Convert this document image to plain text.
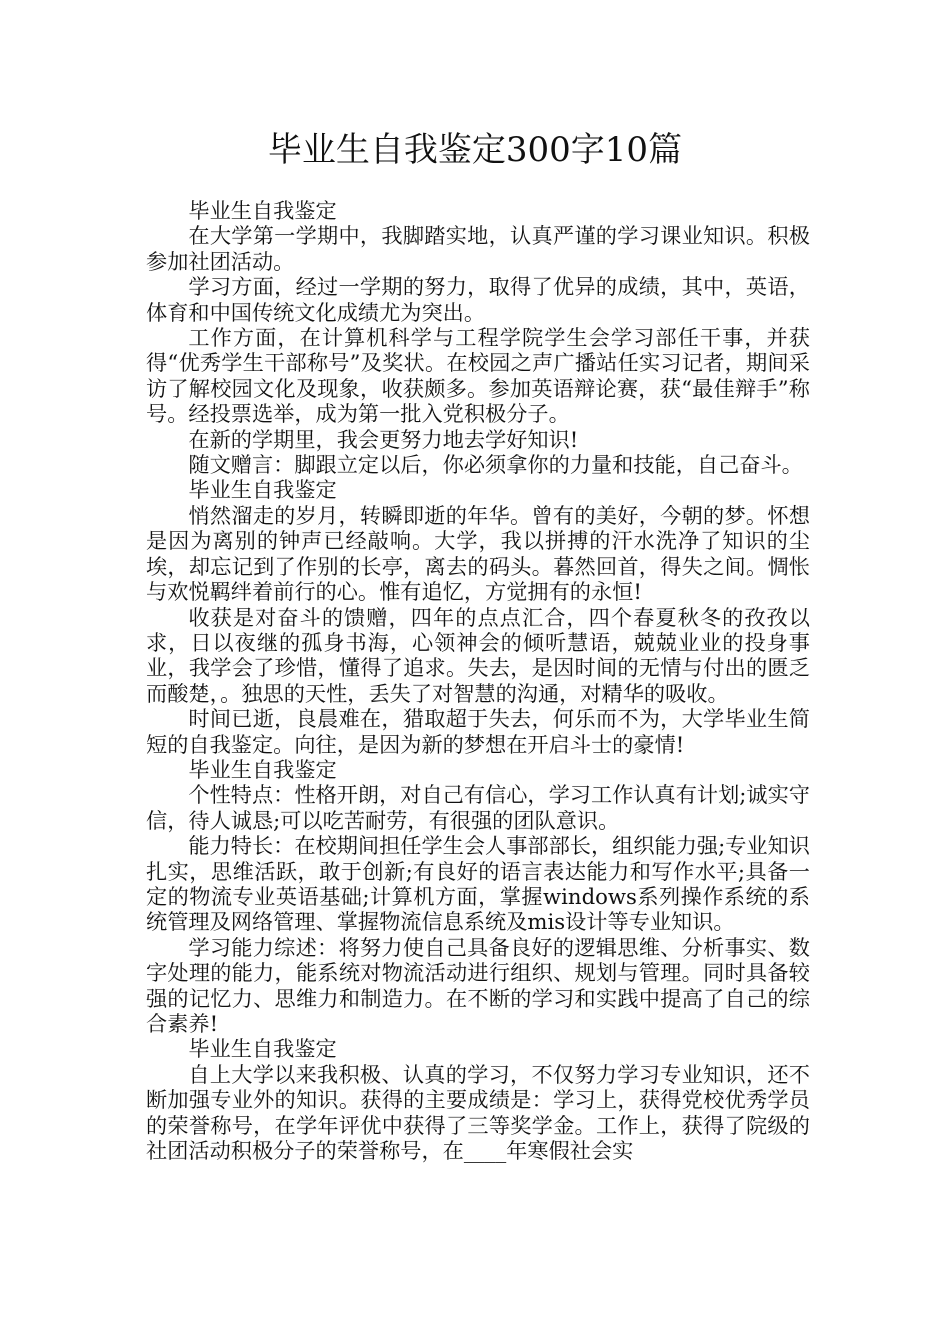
毕业生自我鉴定300字10篇

毕业生自我鉴定

在大学第一学期中，我脚踏实地，认真严谨的学习课业知识。积极参加社团活动。

学习方面，经过一学期的努力，取得了优异的成绩，其中，英语，体育和中国传统文化成绩尤为突出。

工作方面，在计算机科学与工程学院学生会学习部任干事，并获得“优秀学生干部称号”及奖状。在校园之声广播站任实习记者，期间采访了解校园文化及现象，收获颇多。参加英语辩论赛，获“最佳辩手”称号。经投票选举，成为第一批入党积极分子。

在新的学期里，我会更努力地去学好知识!

随文赠言：脚跟立定以后，你必须拿你的力量和技能，自己奋斗。

毕业生自我鉴定

悄然溜走的岁月，转瞬即逝的年华。曾有的美好，今朝的梦。怀想是因为离别的钟声已经敲响。大学，我以拼搏的汗水洗净了知识的尘埃，却忘记到了作别的长亭，离去的码头。暮然回首，得失之间。惆怅与欢悦羁绊着前行的心。惟有追忆，方觉拥有的永恒!

收获是对奋斗的馈赠，四年的点点汇合，四个春夏秋冬的孜孜以求，日以夜继的孤身书海，心领神会的倾听慧语，兢兢业业的投身事业，我学会了珍惜，懂得了追求。失去，是因时间的无情与付出的匮乏而酸楚，。独思的天性，丢失了对智慧的沟通，对精华的吸收。

时间已逝，良晨难在，猎取超于失去，何乐而不为，大学毕业生简短的自我鉴定。向往，是因为新的梦想在开启斗士的豪情!

毕业生自我鉴定

个性特点：性格开朗，对自己有信心，学习工作认真有计划;诚实守信，待人诚恳;可以吃苦耐劳，有很强的团队意识。

能力特长：在校期间担任学生会人事部部长，组织能力强;专业知识扎实，思维活跃，敢于创新;有良好的语言表达能力和写作水平;具备一定的物流专业英语基础;计算机方面，掌握windows系列操作系统的系统管理及网络管理、掌握物流信息系统及mis设计等专业知识。

学习能力综述：将努力使自己具备良好的逻辑思维、分析事实、数字处理的能力，能系统对物流活动进行组织、规划与管理。同时具备较强的记忆力、思维力和制造力。在不断的学习和实践中提高了自己的综合素养!

毕业生自我鉴定

自上大学以来我积极、认真的学习，不仅努力学习专业知识，还不断加强专业外的知识。获得的主要成绩是：学习上，获得党校优秀学员的荣誉称号，在学年评优中获得了三等奖学金。工作上，获得了院级的社团活动积极分子的荣誉称号，在____年寒假社会实
